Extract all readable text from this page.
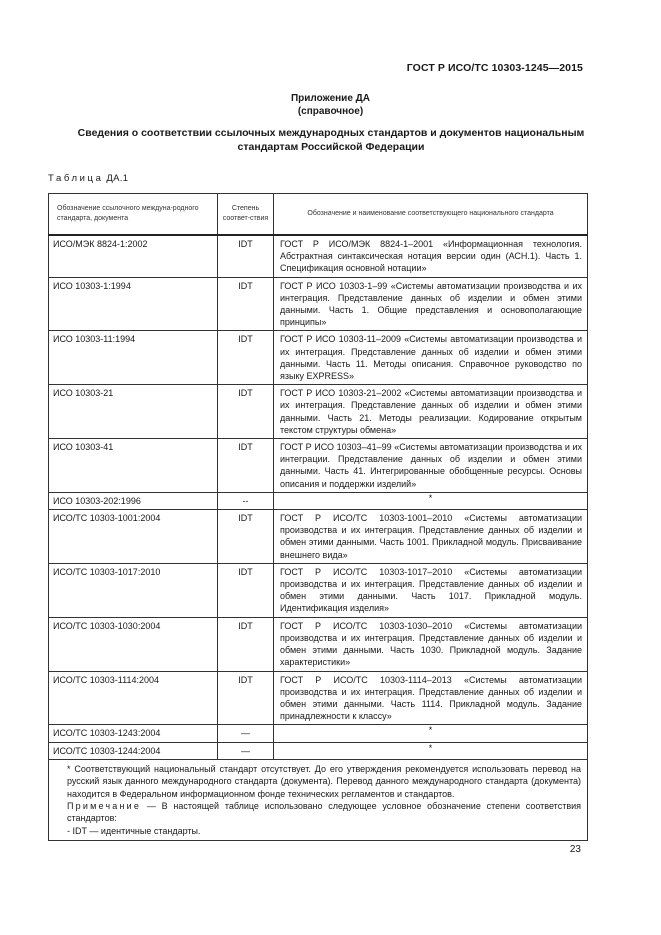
ГОСТ Р ИСО/ТС 10303-1245—2015
Приложение ДА
(справочное)
Сведения о соответствии ссылочных международных стандартов и документов национальным стандартам Российской Федерации
Таблица ДА.1
Обозначение ссылочного междуна-родного стандарта, документа	Степень соответ-ствия	Обозначение и наименование соответствующего национального стандарта
ИСО/МЭК 8824-1:2002	IDT	ГОСТ Р ИСО/МЭК 8824-1–2001 «Информационная технология. Абстрактная синтаксическая нотация версии один (АСН.1). Часть 1. Спецификация основной нотации»
ИСО 10303-1:1994	IDT	ГОСТ Р ИСО 10303-1–99 «Системы автоматизации производства и их интеграция. Представление данных об изделии и обмен этими данными. Часть 1. Общие представления и основополагающие принципы»
ИСО 10303-11:1994	IDT	ГОСТ Р ИСО 10303-11–2009 «Системы автоматизации производства и их интеграция. Представление данных об изделии и обмен этими данными. Часть 11. Методы описания. Справочное руководство по языку EXPRESS»
ИСО 10303-21	IDT	ГОСТ Р ИСО 10303-21–2002 «Системы автоматизации производства и их интеграция. Представление данных об изделии и обмен этими данными. Часть 21. Методы реализации. Кодирование открытым текстом структуры обмена»
ИСО 10303-41	IDT	ГОСТ Р ИСО 10303–41–99 «Системы автоматизации производства и их интеграции. Представление данных об изделии и обмен этими данными. Часть 41. Интегрированные обобщенные ресурсы. Основы описания и поддержки изделий»
ИСО 10303-202:1996	--	*
ИСО/ТС 10303-1001:2004	IDT	ГОСТ Р ИСО/ТС 10303-1001–2010 «Системы автоматизации производства и их интеграция. Представление данных об изделии и обмен этими данными. Часть 1001. Прикладной модуль. Присваивание внешнего вида»
ИСО/ТС 10303-1017:2010	IDT	ГОСТ Р ИСО/ТС 10303-1017–2010 «Системы автоматизации производства и их интеграция. Представление данных об изделии и обмен этими данными. Часть 1017. Прикладной модуль. Идентификация изделия»
ИСО/ТС 10303-1030:2004	IDT	ГОСТ Р ИСО/ТС 10303-1030–2010 «Системы автоматизации производства и их интеграция. Представление данных об изделии и обмен этими данными. Часть 1030. Прикладной модуль. Задание характеристики»
ИСО/ТС 10303-1114:2004	IDT	ГОСТ Р ИСО/ТС 10303-1114–2013 «Системы автоматизации производства и их интеграция. Представление данных об изделии и обмен этими данными. Часть 1114. Прикладной модуль. Задание принадлежности к классу»
ИСО/ТС 10303-1243:2004	—	*
ИСО/ТС 10303-1244:2004	—	*

* Соответствующий национальный стандарт отсутствует. До его утверждения рекомендуется использовать перевод на русский язык данного международного стандарта (документа). Перевод данного международного стандарта (документа) находится в Федеральном информационном фонде технических регламентов и стандартов.
Примечание — В настоящей таблице использовано следующее условное обозначение степени соответствия стандартов:
- IDT — идентичные стандарты.		
23
